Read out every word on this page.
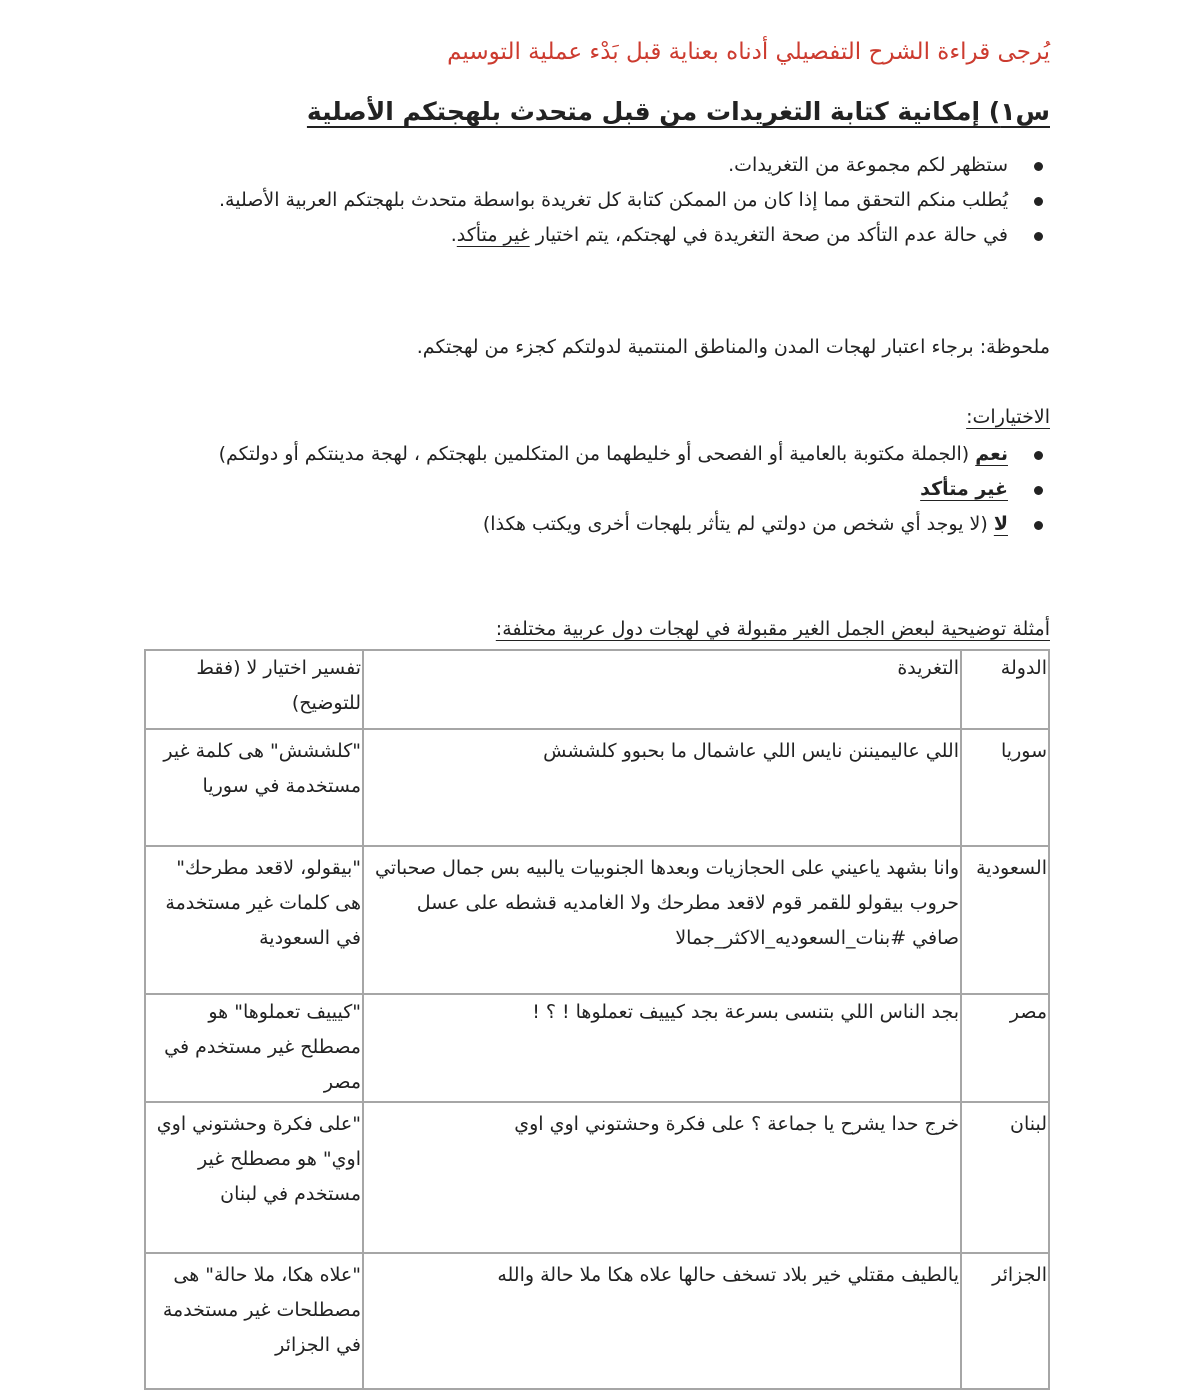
يُرجى قراءة الشرح التفصيلي أدناه بعناية قبل بَدْء عملية التوسيم
س١) إمكانية كتابة التغريدات من قبل متحدث بلهجتكم الأصلية
ستظهر لكم مجموعة من التغريدات.
يُطلب منكم التحقق مما إذا كان من الممكن كتابة كل تغريدة بواسطة متحدث بلهجتكم العربية الأصلية.
في حالة عدم التأكد من صحة التغريدة في لهجتكم، يتم اختيار غير متأكد.
ملحوظة: برجاء اعتبار لهجات المدن والمناطق المنتمية لدولتكم كجزء من لهجتكم.
الاختيارات:
نعم (الجملة مكتوبة بالعامية أو الفصحى أو خليطهما من المتكلمين بلهجتكم ، لهجة مدينتكم أو دولتكم)
غير متأكد
لا (لا يوجد أي شخص من دولتي لم يتأثر بلهجات أخرى ويكتب هكذا)
أمثلة توضيحية لبعض الجمل الغير مقبولة في لهجات دول عربية مختلفة:
الدولة	التغريدة	تفسير اختيار لا (فقط للتوضيح)
سوريا	اللي عاليميننن نايس اللي عاشمال ما بحبوو كلششش	"كلششش" هى كلمة غير مستخدمة في سوريا
السعودية	وانا بشهد ياعيني على الحجازيات وبعدها الجنوبيات يالبيه بس جمال صحباتي حروب بيقولو للقمر قوم لاقعد مطرحك ولا الغامديه قشطه على عسل صافي #بنات_السعوديه_الاكثر_جمالا	"بيقولو، لاقعد مطرحك" هى كلمات غير مستخدمة في السعودية
مصر	بجد الناس اللي بتنسى بسرعة بجد كيييف تعملوها ! ؟ !	"كيييف تعملوها" هو مصطلح غير مستخدم في مصر
لبنان	خرج حدا يشرح يا جماعة ؟ على فكرة وحشتوني اوي اوي	"على فكرة وحشتوني اوي اوي" هو مصطلح غير مستخدم في لبنان
الجزائر	يالطيف مقتلي خير بلاد تسخف حالها علاه هكا ملا حالة والله	"علاه هكا، ملا حالة" هى مصطلحات غير مستخدمة في الجزائر
